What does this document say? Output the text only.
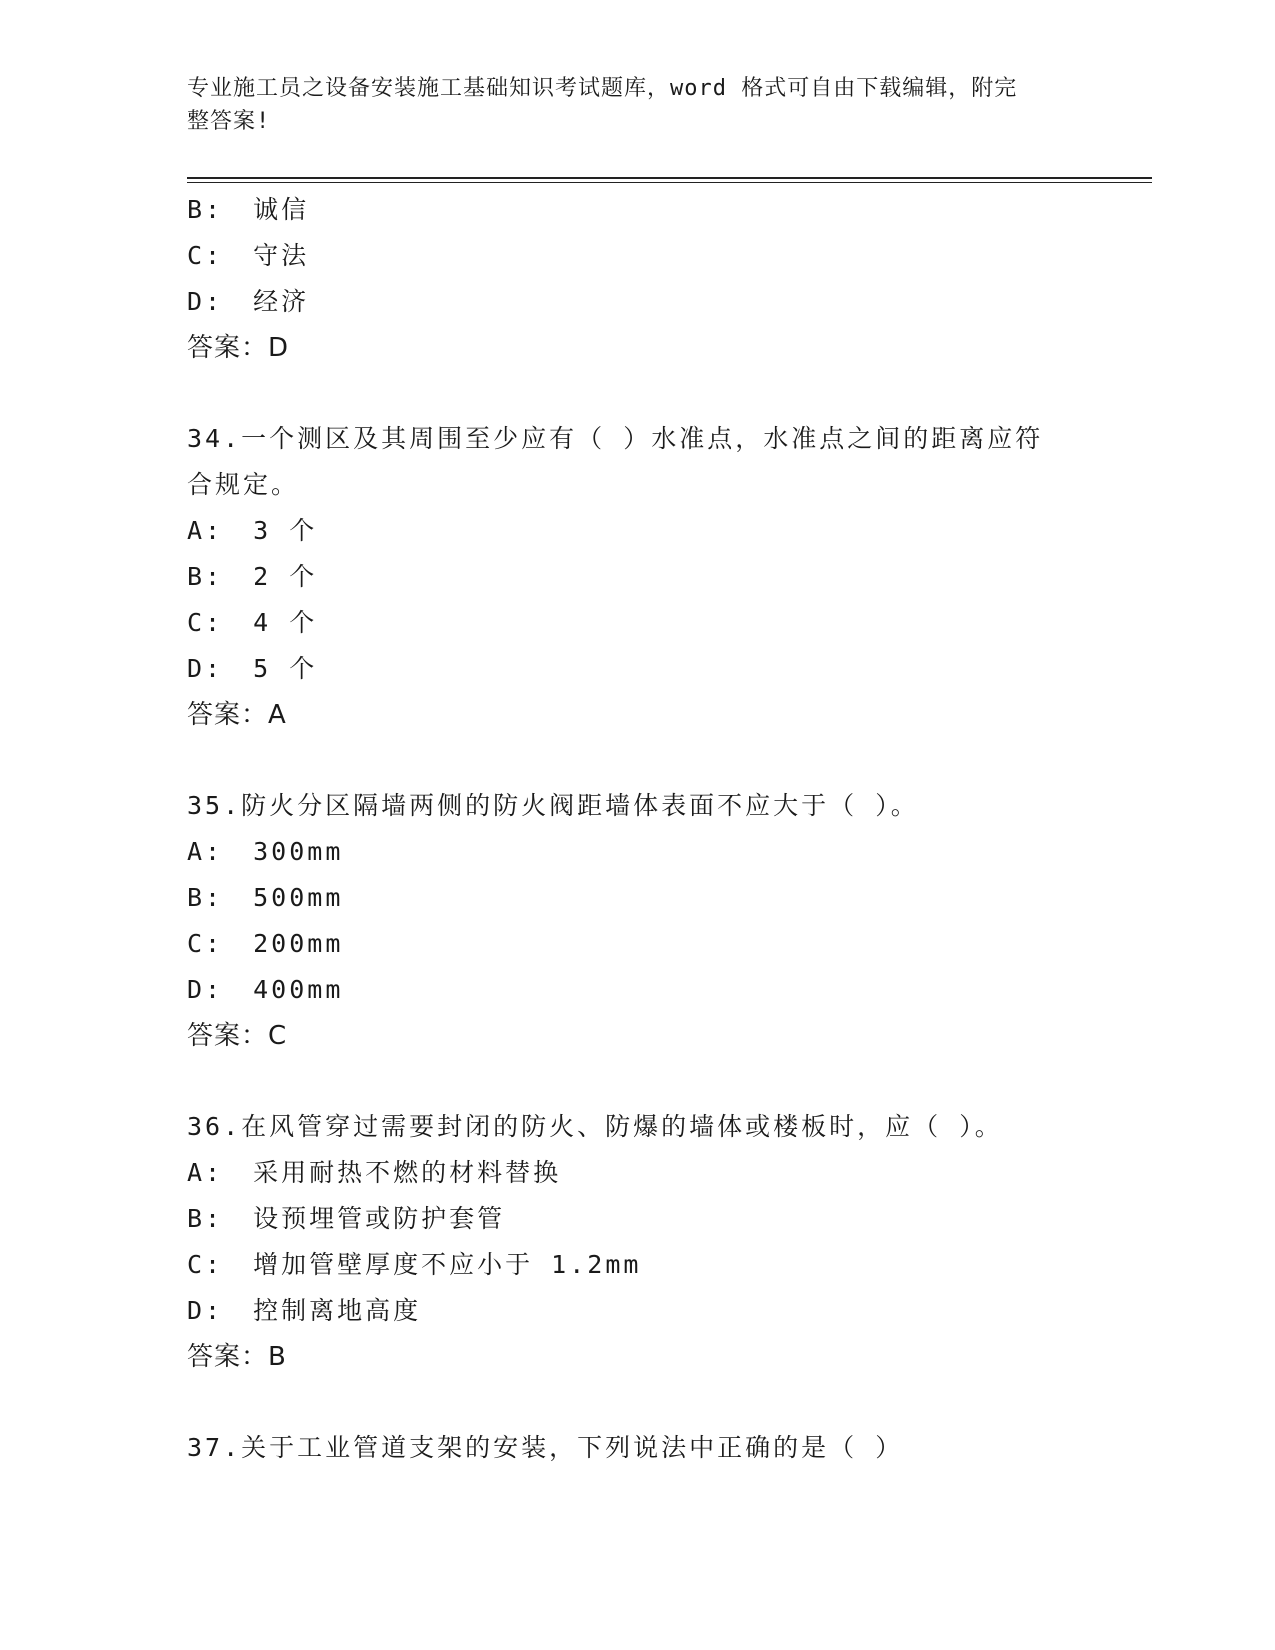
专业施工员之设备安装施工基础知识考试题库，word 格式可自由下载编辑，附完
整答案!
B: 诚信
C: 守法
D: 经济
答案：D
34.一个测区及其周围至少应有（ ）水准点，水准点之间的距离应符
合规定。
A: 3 个
B: 2 个
C: 4 个
D: 5 个
答案：A
35.防火分区隔墙两侧的防火阀距墙体表面不应大于（ ）。
A: 300mm
B: 500mm
C: 200mm
D: 400mm
答案：C
36.在风管穿过需要封闭的防火、防爆的墙体或楼板时，应（ ）。
A: 采用耐热不燃的材料替换
B: 设预埋管或防护套管
C: 增加管壁厚度不应小于 1.2mm
D: 控制离地高度
答案：B
37.关于工业管道支架的安装，下列说法中正确的是（ ）
